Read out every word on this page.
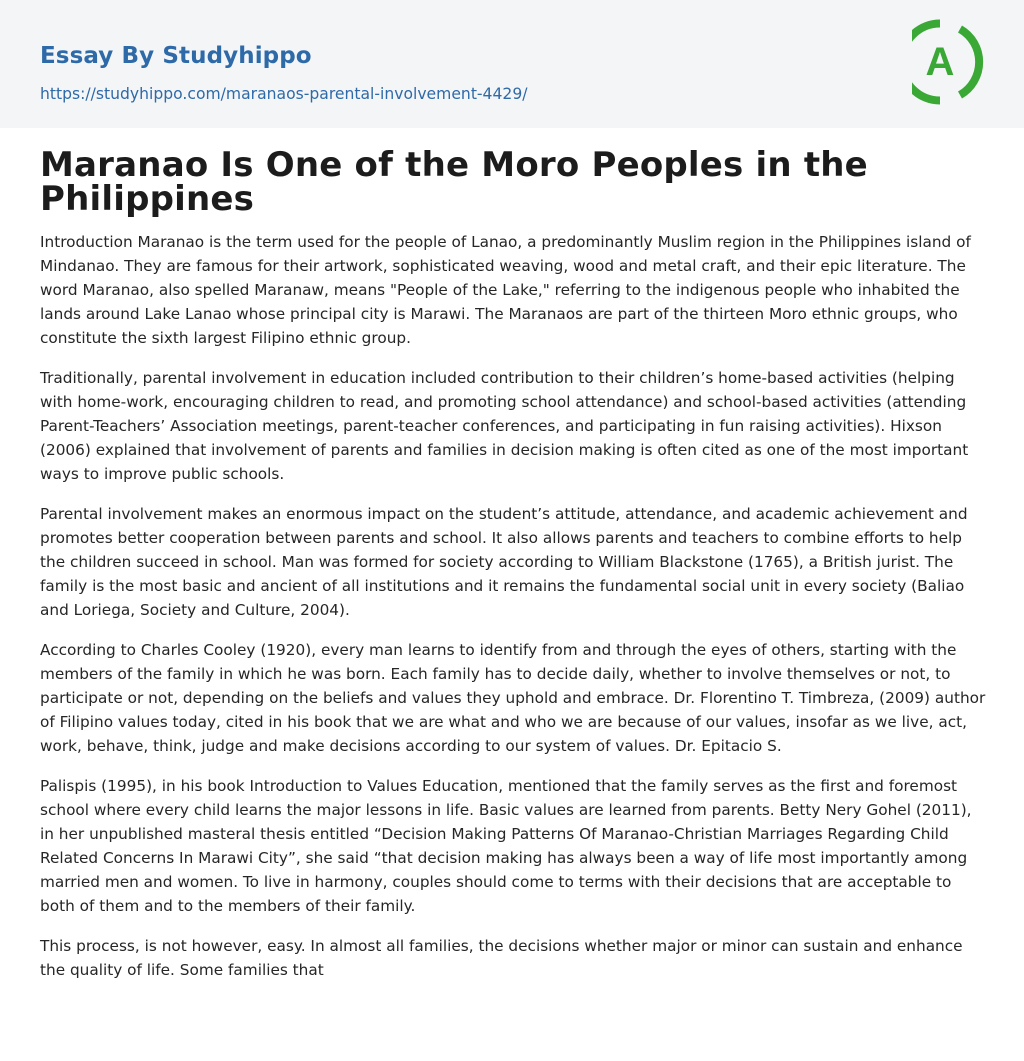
Essay By Studyhippo
https://studyhippo.com/maranaos-parental-involvement-4429/
A
Maranao Is One of the Moro Peoples in the Philippines

Introduction Maranao is the term used for the people of Lanao, a predominantly Muslim region in the Philippines island of Mindanao. They are famous for their artwork, sophisticated weaving, wood and metal craft, and their epic literature. The word Maranao, also spelled Maranaw, means "People of the Lake," referring to the indigenous people who inhabited the lands around Lake Lanao whose principal city is Marawi. The Maranaos are part of the thirteen Moro ethnic groups, who constitute the sixth largest Filipino ethnic group.

Traditionally, parental involvement in education included contribution to their children’s home-based activities (helping with home-work, encouraging children to read, and promoting school attendance) and school-based activities (attending Parent-Teachers’ Association meetings, parent-teacher conferences, and participating in fun raising activities). Hixson (2006) explained that involvement of parents and families in decision making is often cited as one of the most important ways to improve public schools.

Parental involvement makes an enormous impact on the student’s attitude, attendance, and academic achievement and promotes better cooperation between parents and school. It also allows parents and teachers to combine efforts to help the children succeed in school. Man was formed for society according to William Blackstone (1765), a British jurist. The family is the most basic and ancient of all institutions and it remains the fundamental social unit in every society (Baliao and Loriega, Society and Culture, 2004).

According to Charles Cooley (1920), every man learns to identify from and through the eyes of others, starting with the members of the family in which he was born. Each family has to decide daily, whether to involve themselves or not, to participate or not, depending on the beliefs and values they uphold and embrace. Dr. Florentino T. Timbreza, (2009) author of Filipino values today, cited in his book that we are what and who we are because of our values, insofar as we live, act, work, behave, think, judge and make decisions according to our system of values. Dr. Epitacio S.

Palispis (1995), in his book Introduction to Values Education, mentioned that the family serves as the first and foremost school where every child learns the major lessons in life. Basic values are learned from parents. Betty Nery Gohel (2011), in her unpublished masteral thesis entitled “Decision Making Patterns Of Maranao-Christian Marriages Regarding Child Related Concerns In Marawi City”, she said “that decision making has always been a way of life most importantly among married men and women. To live in harmony, couples should come to terms with their decisions that are acceptable to both of them and to the members of their family.

This process, is not however, easy. In almost all families, the decisions whether major or minor can sustain and enhance the quality of life. Some families that
